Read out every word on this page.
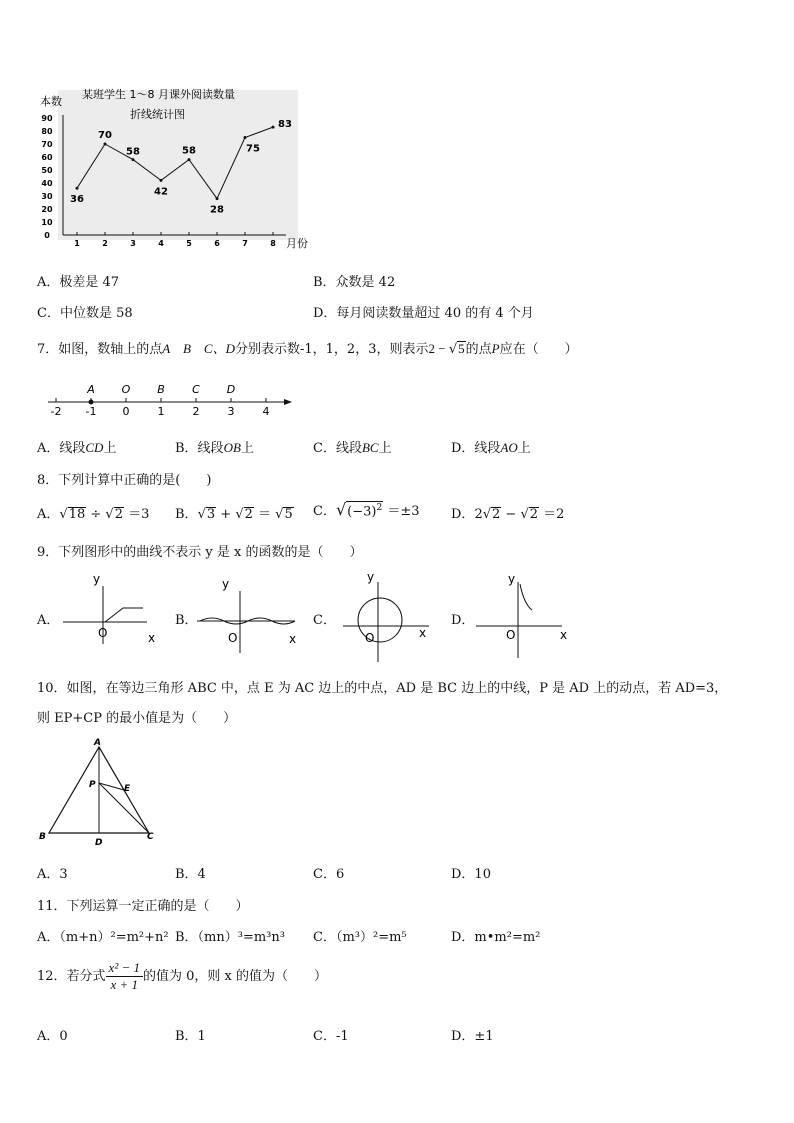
本数
某班学生 1～8 月课外阅读数量
折线统计图
月份
0
10
20
30
40
50
60
70
80
90
1	2	3	4	5	6	7	8
36
70
58
42
58
28
75
83
A．极差是 47	B．众数是 42
C．中位数是 58	D．每月阅读数量超过 40 的有 4 个月
7．如图，数轴上的点A　B　C、D分别表示数-1，1，2，3，则表示2 − √5的点P应在（　　）
-2 -1 0	1	2	3	4
A O B C D
A．线段CD上	B．线段OB上	C．线段BC上	D．线段AO上
8．下列计算中正确的是(　　)
A．√18 ÷ √2 ＝3 B．√3 + √2 ＝ √5 C．$√(-3)^2 =\pm 3$ D．2√2 − √2 ＝2
9．下列图形中的曲线不表示 y 是 x 的函数的是（　　）
A．
y
x
O
B．
y
x
O
C．
y
x
O
D．
y
x
O
10．如图，在等边三角形 ABC 中，点 E 为 AC 边上的中点，AD 是 BC 边上的中线，P 是 AD 上的动点，若 AD=3，
则 EP+CP 的最小值是为（　　）
A
B	C
D
E
P
A．3	B．4	C．6	D．10
11．下列运算一定正确的是（　　）
A．（m+n）²=m²+n² B．（mn）³=m³n³ C．（m³）²=m⁵	D．m•m²=m²
12．若分式 $\frac{\text{x² − 1}}{x + 1}$ 的值为 0，则 x 的值为（　　）
A．0	B．1	C．-1	D．±1
